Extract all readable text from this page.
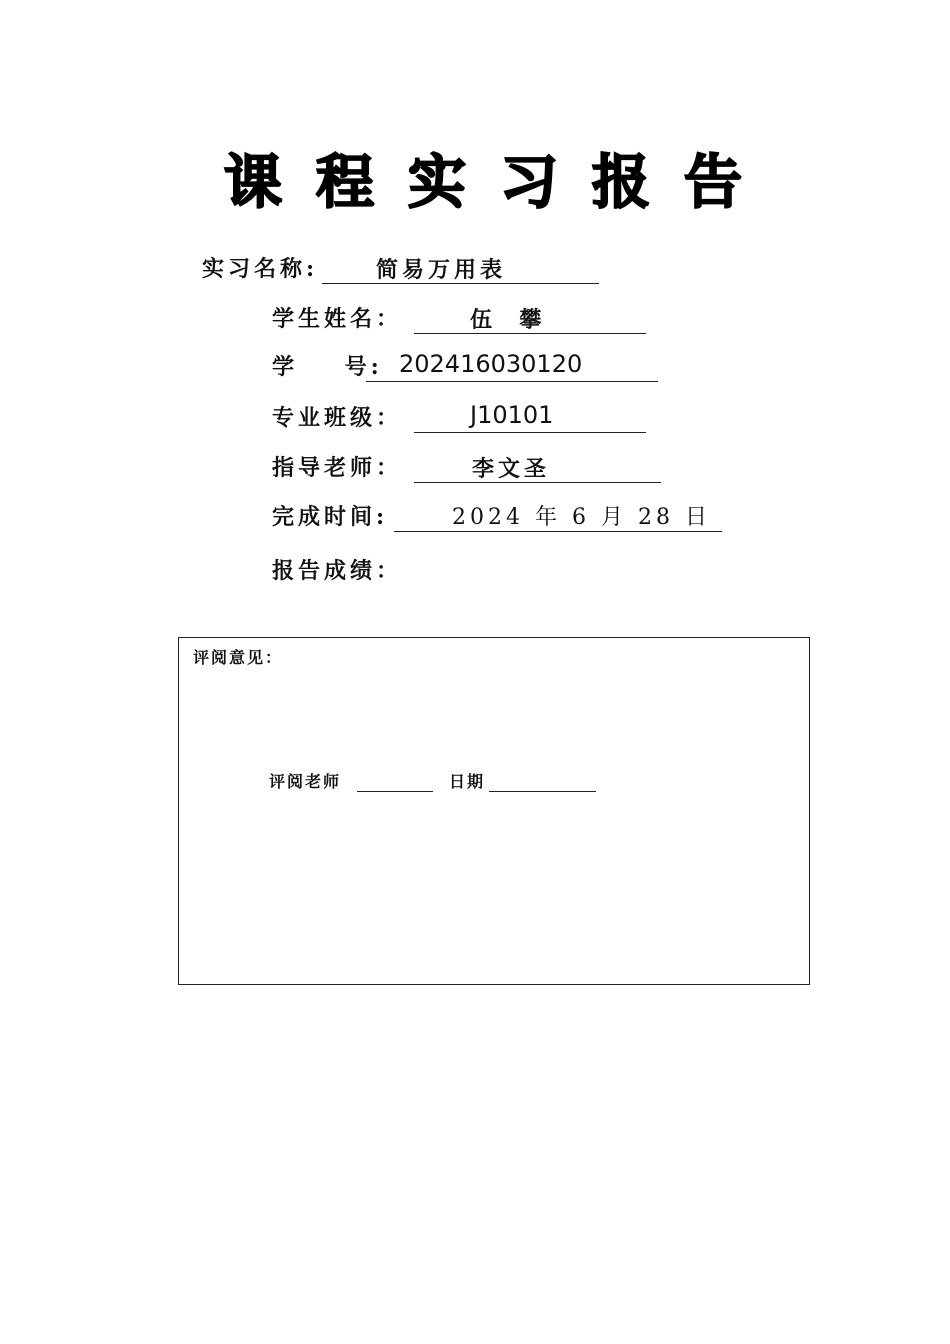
课程实习报告
实习名称:	简易万用表
学生姓名：	伍  攀
学    号: 202416030120
专业班级：	J10101
指导老师：	李文圣
完成时间:	2024 年 6 月 28 日
报告成绩：
评阅意见：
评阅老师	日期
